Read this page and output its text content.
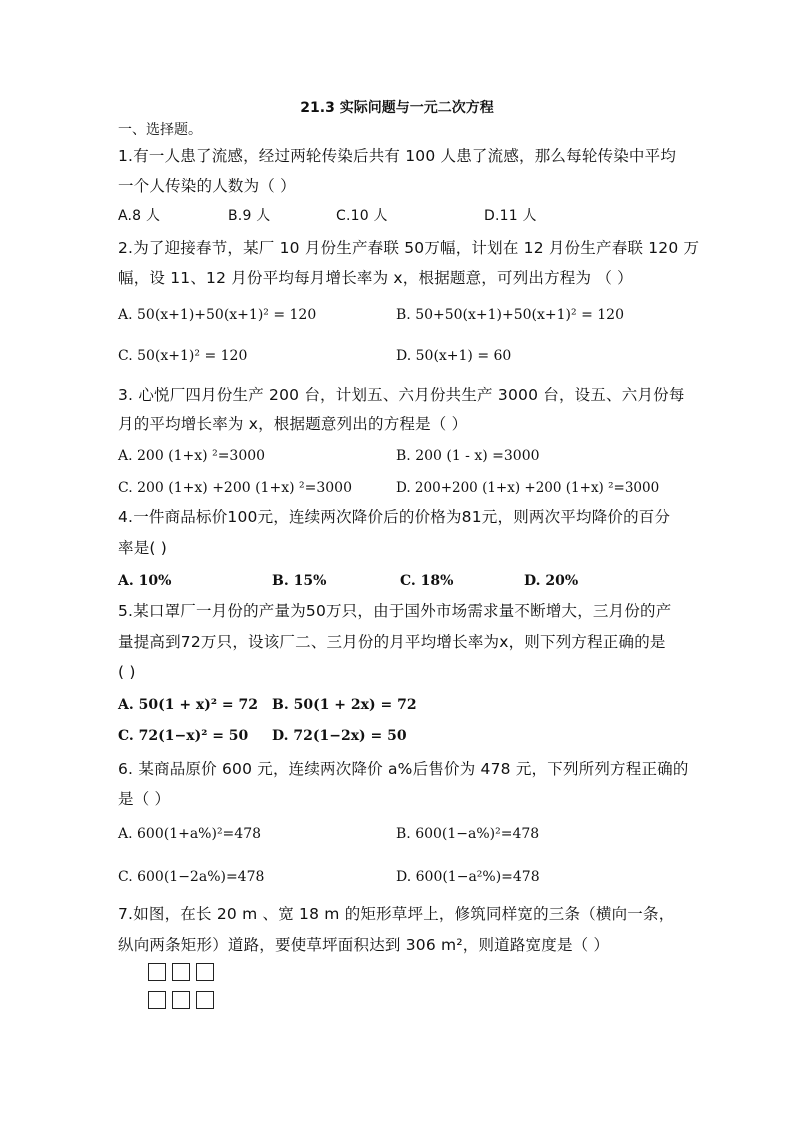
21.3 实际问题与一元二次方程
一、选择题。
1.有一人患了流感，经过两轮传染后共有 100 人患了流感，那么每轮传染中平均
一个人传染的人数为（ ）
A.8 人	B.9 人	C.10 人	D.11 人
2.为了迎接春节，某厂 10 月份生产春联 50万幅，计划在 12 月份生产春联 120 万
幅，设 11、12 月份平均每月增长率为 x，根据题意，可列出方程为 （ ）
A. 50(x+1)+50(x+1)² = 120	B. 50+50(x+1)+50(x+1)² = 120
C. 50(x+1)² = 120	D. 50(x+1) = 60
3. 心悦厂四月份生产 200 台，计划五、六月份共生产 3000 台，设五、六月份每
月的平均增长率为 x，根据题意列出的方程是（ ）
A. 200 (1+x) ²=3000	B. 200 (1 - x) =3000
C. 200 (1+x) +200 (1+x) ²=3000	D. 200+200 (1+x) +200 (1+x) ²=3000
4.一件商品标价100元，连续两次降价后的价格为81元，则两次平均降价的百分
率是( )
A. 10%	B. 15%	C. 18%	D. 20%
5.某口罩厂一月份的产量为50万只，由于国外市场需求量不断增大，三月份的产
量提高到72万只，设该厂二、三月份的月平均增长率为x，则下列方程正确的是
( )
A. 50(1 + x)² = 72 B. 50(1 + 2x) = 72
C. 72(1−x)² = 50 D. 72(1−2x) = 50
6. 某商品原价 600 元，连续两次降价 a%后售价为 478 元，下列所列方程正确的
是（ ）
A. 600(1+a%)²=478	B. 600(1−a%)²=478
C. 600(1−2a%)=478	D. 600(1−a²%)=478
7.如图，在长 20 m 、宽 18 m 的矩形草坪上，修筑同样宽的三条（横向一条，
纵向两条矩形）道路，要使草坪面积达到 306 m²，则道路宽度是（ ）
